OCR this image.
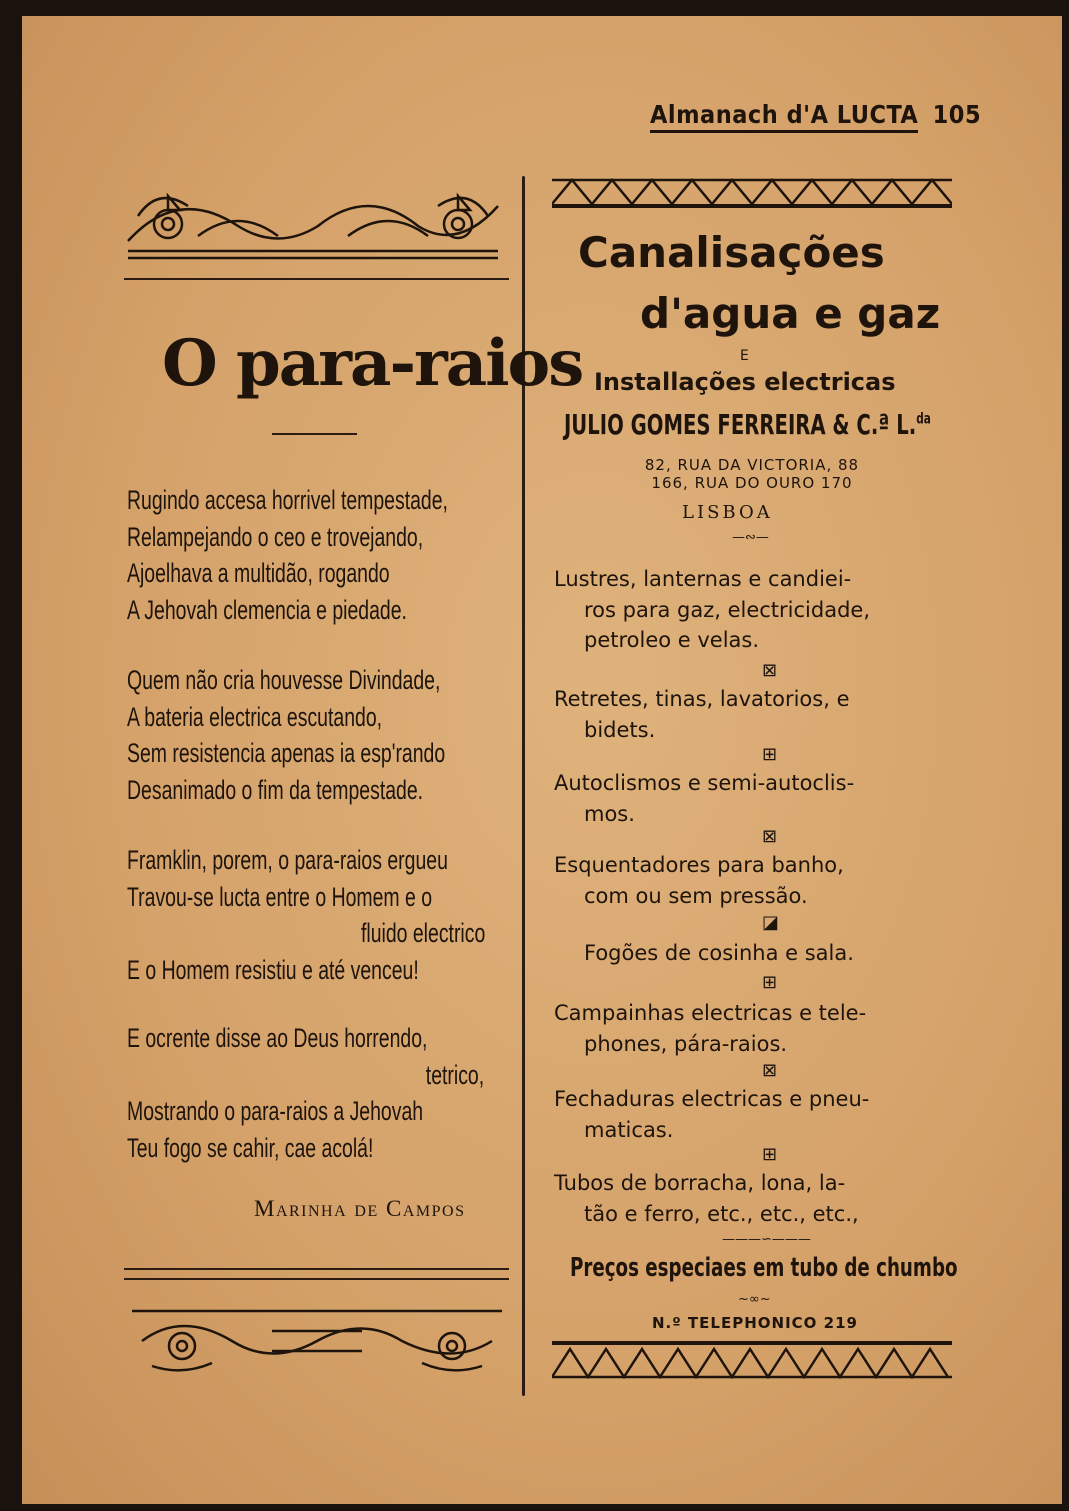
Almanach d'A LUCTA 105
O para-raios
Rugindo accesa horrivel tempestade,
Relampejando o ceo e trovejando,
Ajoelhava a multidão, rogando
A Jehovah clemencia e piedade.
Quem não cria houvesse Divindade,
A bateria electrica escutando,
Sem resistencia apenas ia esp'rando
Desanimado o fim da tempestade.
Framklin, porem, o para-raios ergueu
Travou-se lucta entre o Homem e o
fluido electrico
E o Homem resistiu e até venceu!
E ocrente disse ao Deus horrendo,
tetrico,
Mostrando o para-raios a Jehovah
Teu fogo se cahir, cae acolá!
Marinha de Campos
Canalisações
d'agua e gaz
E
Installações electricas
JULIO GOMES FERREIRA & C.ª L.$^{da}$
82, RUA DA VICTORIA, 88
166, RUA DO OURO 170
LISBOA
—∾—
Lustres, lanternas e candiei-
ros para gaz, electricidade,
petroleo e velas.
⊠
Retretes, tinas, lavatorios, e
bidets.
⊞
Autoclismos e semi-autoclis-
mos.
⊠
Esquentadores para banho,
com ou sem pressão.
◪
Fogões de cosinha e sala.
⊞
Campainhas electricas e tele-
phones, pára-raios.
⊠
Fechaduras electricas e pneu-
maticas.
⊞
Tubos de borracha, lona, la-
tão e ferro, etc., etc., etc.,
———∽———
Preços especiaes em tubo de chumbo
~∞~
N.º TELEPHONICO 219
